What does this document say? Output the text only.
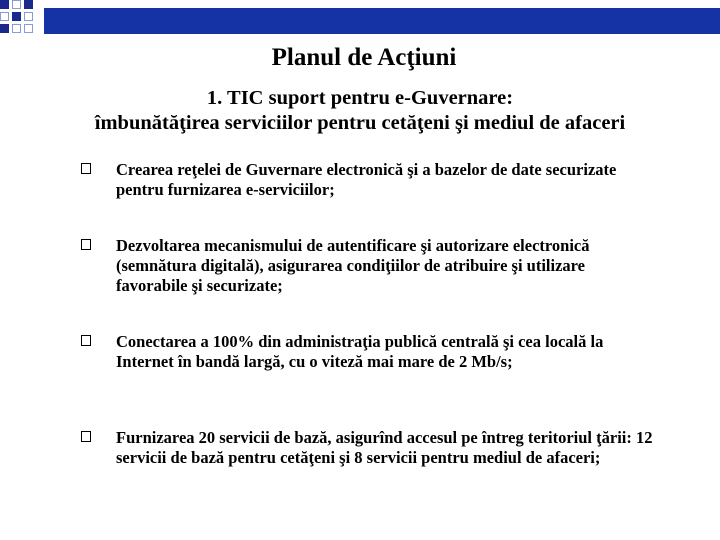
Planul de Acţiuni
1. TIC suport pentru e-Guvernare:
îmbunătăţirea serviciilor pentru cetăţeni şi mediul de afaceri
Crearea reţelei de Guvernare electronică şi a bazelor de date securizate pentru furnizarea e-serviciilor;
Dezvoltarea mecanismului de autentificare şi autorizare electronică (semnătura digitală), asigurarea condiţiilor de atribuire şi utilizare favorabile şi securizate;
Conectarea a 100% din administraţia publică centrală şi cea locală la Internet în bandă largă, cu o viteză mai mare de 2 Mb/s;
Furnizarea 20 servicii de bază, asigurînd accesul pe întreg teritoriul ţării: 12 servicii de bază pentru cetăţeni şi 8 servicii pentru mediul de afaceri;
